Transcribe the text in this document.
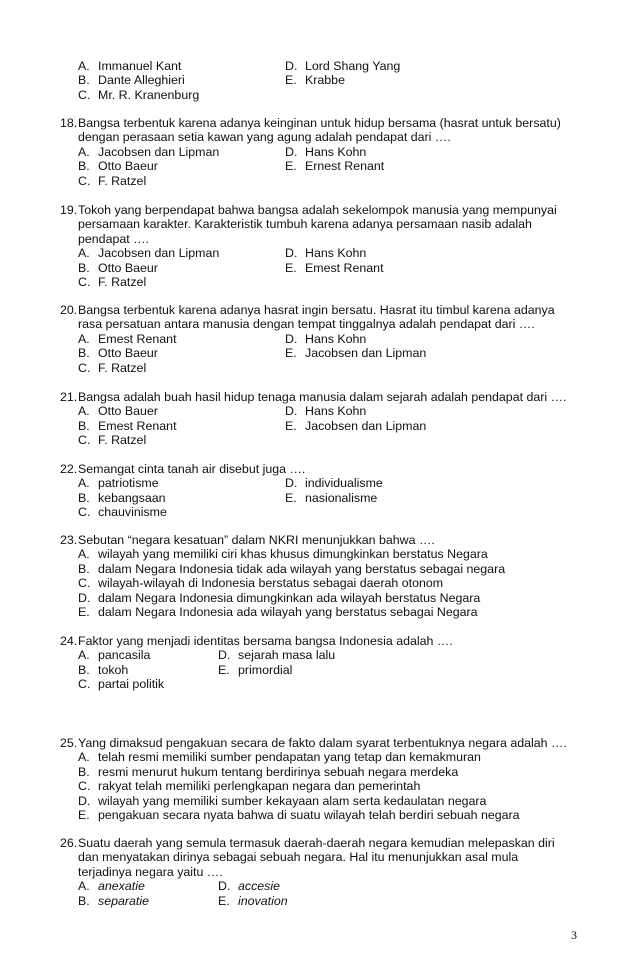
A. Immanuel Kant	D. Lord Shang Yang
B. Dante Alleghieri	E. Krabbe
C. Mr. R. Kranenburg
18. Bangsa terbentuk karena adanya keinginan untuk hidup bersama (hasrat untuk bersatu)
dengan perasaan setia kawan yang agung adalah pendapat dari ….
A. Jacobsen dan Lipman	D. Hans Kohn
B. Otto Baeur	E. Ernest Renant
C. F. Ratzel
19. Tokoh yang berpendapat bahwa bangsa adalah sekelompok manusia yang mempunyai
persamaan karakter. Karakteristik tumbuh karena adanya persamaan nasib adalah
pendapat ….
A. Jacobsen dan Lipman	D. Hans Kohn
B. Otto Baeur	E. Emest Renant
C. F. Ratzel
20. Bangsa terbentuk karena adanya hasrat ingin bersatu. Hasrat itu timbul karena adanya
rasa persatuan antara manusia dengan tempat tinggalnya adalah pendapat dari ….
A. Emest Renant	D. Hans Kohn
B. Otto Baeur	E. Jacobsen dan Lipman
C. F. Ratzel
21. Bangsa adalah buah hasil hidup tenaga manusia dalam sejarah adalah pendapat dari ….
A. Otto Bauer	D. Hans Kohn
B. Emest Renant	E. Jacobsen dan Lipman
C. F. Ratzel
22. Semangat cinta tanah air disebut juga ….
A. patriotisme	D. individualisme
B. kebangsaan	E. nasionalisme
C. chauvinisme
23. Sebutan “negara kesatuan” dalam NKRI menunjukkan bahwa ….
A. wilayah yang memiliki ciri khas khusus dimungkinkan berstatus Negara
B. dalam Negara Indonesia tidak ada wilayah yang berstatus sebagai negara
C. wilayah-wilayah di Indonesia berstatus sebagai daerah otonom
D. dalam Negara Indonesia dimungkinkan ada wilayah berstatus Negara
E. dalam Negara Indonesia ada wilayah yang berstatus sebagai Negara
24. Faktor yang menjadi identitas bersama bangsa Indonesia adalah ….
A. pancasila	D. sejarah masa lalu
B. tokoh	E. primordial
C. partai politik
25. Yang dimaksud pengakuan secara de fakto dalam syarat terbentuknya negara adalah ….
A. telah resmi memiliki sumber pendapatan yang tetap dan kemakmuran
B. resmi menurut hukum tentang berdirinya sebuah negara merdeka
C. rakyat telah memiliki perlengkapan negara dan pemerintah
D. wilayah yang memiliki sumber kekayaan alam serta kedaulatan negara
E. pengakuan secara nyata bahwa di suatu wilayah telah berdiri sebuah negara
26. Suatu daerah yang semula termasuk daerah-daerah negara kemudian melepaskan diri
dan menyatakan dirinya sebagai sebuah negara. Hal itu menunjukkan asal mula
terjadinya negara yaitu ….
A. anexatie	D. accesie
B. separatie	E. inovation
3
